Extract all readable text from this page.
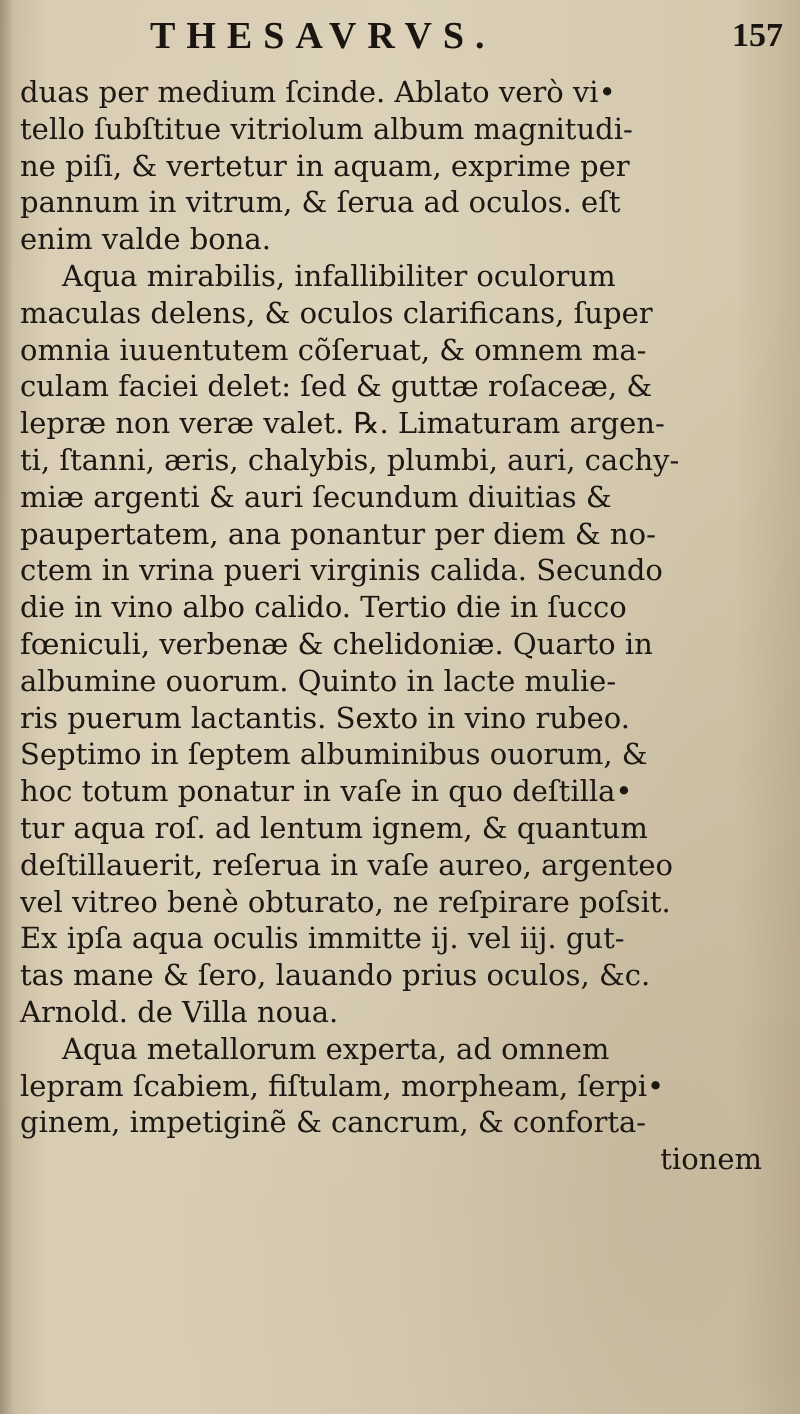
THESAVRVS.	157
duas per medium ſcinde. Ablato verò vi•
tello ſubſtitue vitriolum album magnitudi-
ne piſi, & vertetur in aquam, exprime per
pannum in vitrum, & ſerua ad oculos. eſt
enim valde bona.
Aqua mirabilis, infallibiliter oculorum
maculas delens, & oculos clarificans, ſuper
omnia iuuentutem cõſeruat, & omnem ma-
culam faciei delet: ſed & guttæ roſaceæ, &
lepræ non veræ valet. ℞. Limaturam argen-
ti, ſtanni, æris, chalybis, plumbi, auri, cachy-
miæ argenti & auri ſecundum diuitias &
paupertatem, ana ponantur per diem & no-
ctem in vrina pueri virginis calida. Secundo
die in vino albo calido. Tertio die in ſucco
fœniculi, verbenæ & chelidoniæ. Quarto in
albumine ouorum. Quinto in lacte mulie-
ris puerum lactantis. Sexto in vino rubeo.
Septimo in ſeptem albuminibus ouorum, &
hoc totum ponatur in vaſe in quo deſtilla•
tur aqua roſ. ad lentum ignem, & quantum
deſtillauerit, reſerua in vaſe aureo, argenteo
vel vitreo benè obturato, ne reſpirare poſsit.
Ex ipſa aqua oculis immitte ij. vel iij. gut-
tas mane & ſero, lauando prius oculos, &c.
Arnold. de Villa noua.
Aqua metallorum experta, ad omnem
lepram ſcabiem, fiſtulam, morpheam, ſerpi•
ginem, impetiginẽ & cancrum, & conforta-
tionem
